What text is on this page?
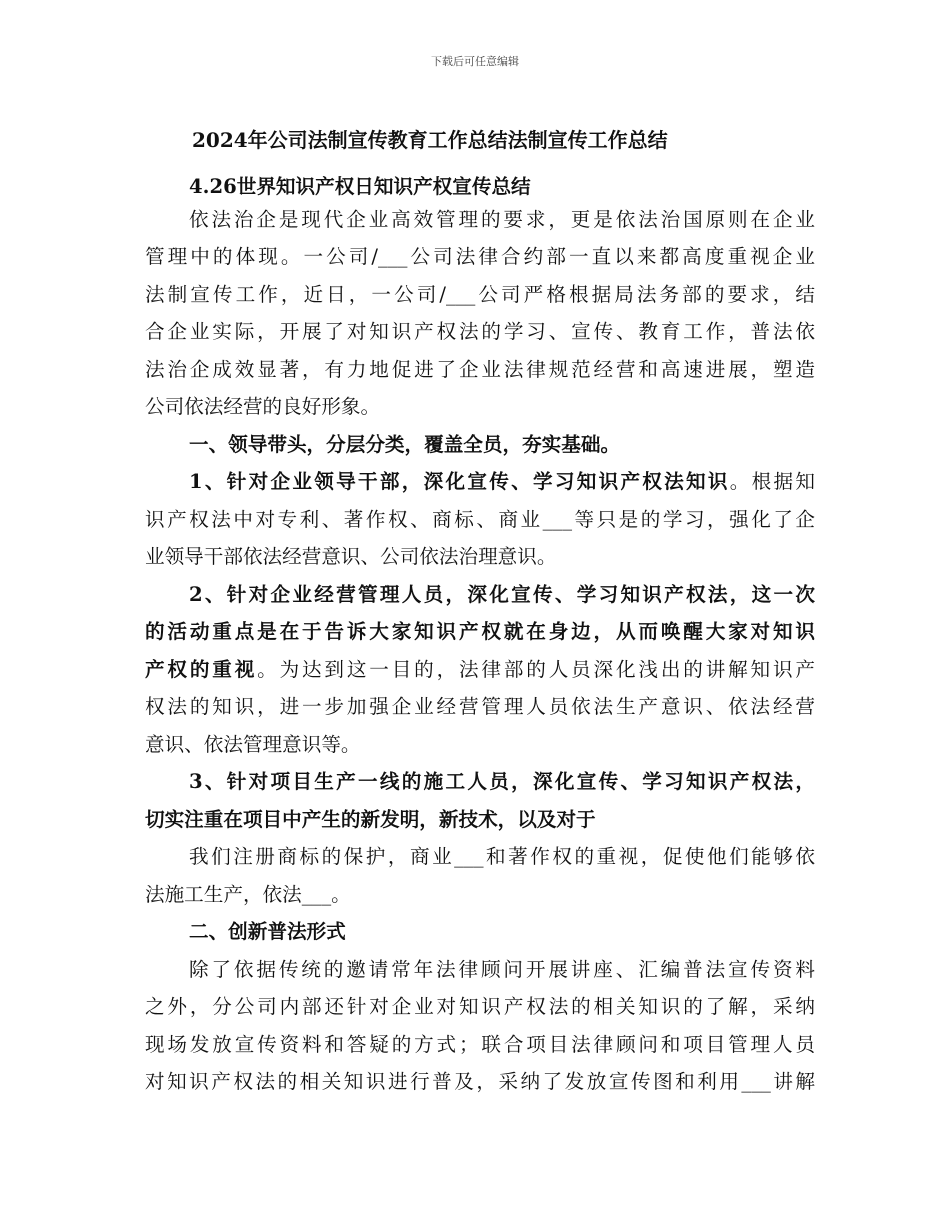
下载后可任意编辑
2024年公司法制宣传教育工作总结法制宣传工作总结
4.26世界知识产权日知识产权宣传总结
依法治企是现代企业高效管理的要求，更是依法治国原则在企业
管理中的体现。一公司/___公司法律合约部一直以来都高度重视企业
法制宣传工作，近日，一公司/___公司严格根据局法务部的要求，结
合企业实际，开展了对知识产权法的学习、宣传、教育工作，普法依
法治企成效显著，有力地促进了企业法律规范经营和高速进展，塑造
公司依法经营的良好形象。
一、领导带头，分层分类，覆盖全员，夯实基础。
1、针对企业领导干部，深化宣传、学习知识产权法知识。根据知
识产权法中对专利、著作权、商标、商业___等只是的学习，强化了企
业领导干部依法经营意识、公司依法治理意识。
2、针对企业经营管理人员，深化宣传、学习知识产权法，这一次
的活动重点是在于告诉大家知识产权就在身边，从而唤醒大家对知识
产权的重视。为达到这一目的，法律部的人员深化浅出的讲解知识产
权法的知识，进一步加强企业经营管理人员依法生产意识、依法经营
意识、依法管理意识等。
3、针对项目生产一线的施工人员，深化宣传、学习知识产权法，
切实注重在项目中产生的新发明，新技术，以及对于
我们注册商标的保护，商业___和著作权的重视，促使他们能够依
法施工生产，依法___。
二、创新普法形式
除了依据传统的邀请常年法律顾问开展讲座、汇编普法宣传资料
之外，分公司内部还针对企业对知识产权法的相关知识的了解，采纳
现场发放宣传资料和答疑的方式；联合项目法律顾问和项目管理人员
对知识产权法的相关知识进行普及，采纳了发放宣传图和利用___讲解
